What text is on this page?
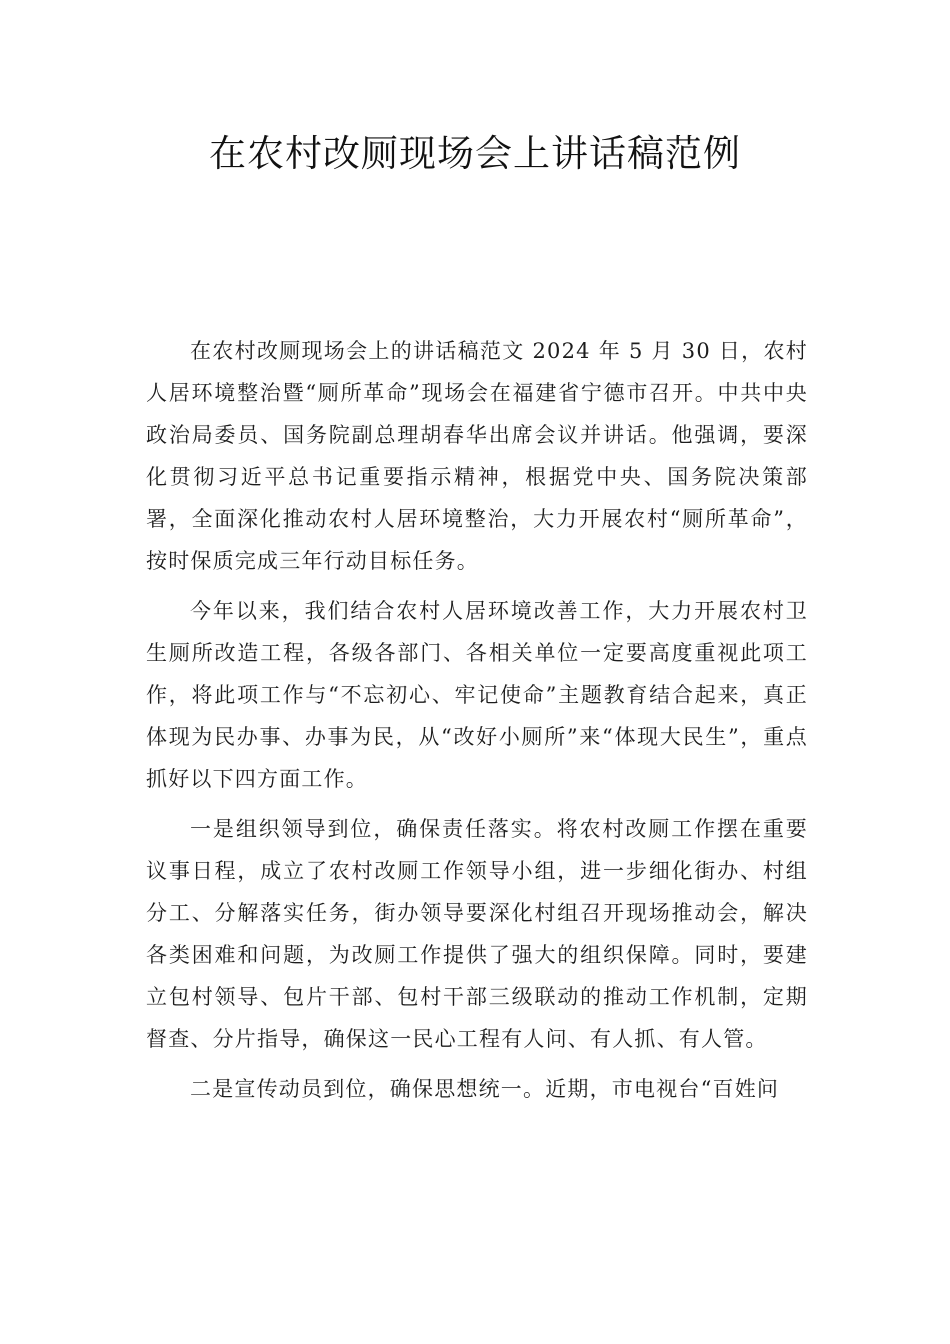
在农村改厕现场会上讲话稿范例

在农村改厕现场会上的讲话稿范文 2024 年 5 月 30 日，农村人居环境整治暨“厕所革命”现场会在福建省宁德市召开。中共中央政治局委员、国务院副总理胡春华出席会议并讲话。他强调，要深化贯彻习近平总书记重要指示精神，根据党中央、国务院决策部署，全面深化推动农村人居环境整治，大力开展农村“厕所革命”，按时保质完成三年行动目标任务。

今年以来，我们结合农村人居环境改善工作，大力开展农村卫生厕所改造工程，各级各部门、各相关单位一定要高度重视此项工作，将此项工作与“不忘初心、牢记使命”主题教育结合起来，真正体现为民办事、办事为民，从“改好小厕所”来“体现大民生”，重点抓好以下四方面工作。

一是组织领导到位，确保责任落实。将农村改厕工作摆在重要议事日程，成立了农村改厕工作领导小组，进一步细化街办、村组分工、分解落实任务，街办领导要深化村组召开现场推动会，解决各类困难和问题，为改厕工作提供了强大的组织保障。同时，要建立包村领导、包片干部、包村干部三级联动的推动工作机制，定期督查、分片指导，确保这一民心工程有人问、有人抓、有人管。

二是宣传动员到位，确保思想统一。近期，市电视台“百姓问
